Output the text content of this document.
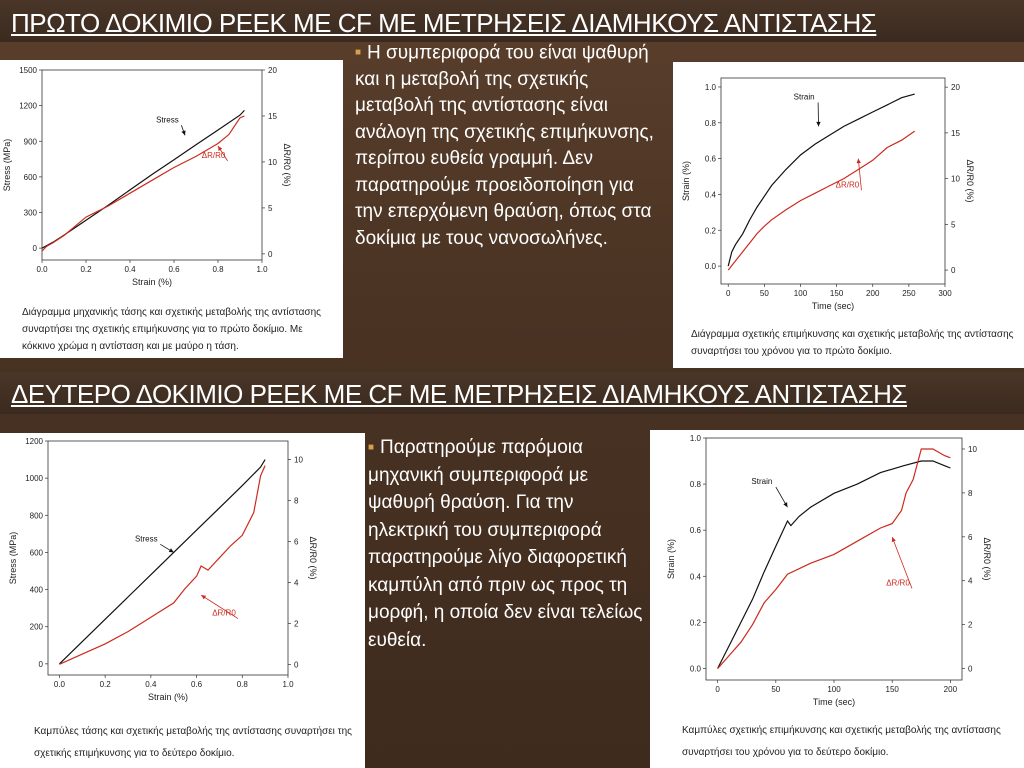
ΠΡΩΤΟ ΔΟΚΙΜΙΟ PEEK ΜΕ CF ΜΕ ΜΕΤΡΗΣΕΙΣ ΔΙΑΜΗΚΟΥΣ ΑΝΤΙΣΤΑΣΗΣ
0.0	0.2	0.4	0.6	0.8	1.0
0
300
600
900
1200
1500
0
5
10
15
20
Strain (%)
Stress (MPa)	ΔR/R0 (%)
Stress
ΔR/R0
Διάγραμμα μηχανικής τάσης και σχετικής μεταβολής της αντίστασης συναρτήσει της σχετικής επιμήκυνσης για το πρώτο δοκίμιο. Με κόκκινο χρώμα η αντίσταση και με μαύρο η τάση.
■ Η συμπεριφορά του είναι ψαθυρή και η μεταβολή της σχετικής μεταβολή της αντίστασης είναι ανάλογη της σχετικής επιμήκυνσης, περίπου ευθεία γραμμή. Δεν παρατηρούμε προειδοποίηση για την επερχόμενη θραύση, όπως στα δοκίμια με τους νανοσωλήνες.
0	50	100	150	200	250	300
0.0
0.2
0.4
0.6
0.8
1.0
0
5
10
15
20
Time (sec)
Strain (%)	ΔR/R0 (%)
Strain
ΔR/R0
Διάγραμμα σχετικής επιμήκυνσης και σχετικής μεταβολής της αντίστασης συναρτήσει του χρόνου για το πρώτο δοκίμιο.
ΔΕΥΤΕΡΟ ΔΟΚΙΜΙΟ PEEK ΜΕ CF ΜΕ ΜΕΤΡΗΣΕΙΣ ΔΙΑΜΗΚΟΥΣ ΑΝΤΙΣΤΑΣΗΣ
0.0	0.2	0.4	0.6	0.8	1.0
0
200
400
600
800
1000
1200
0
2
4
6
8
10
Strain (%)
Stress (MPa)	ΔR/R0 (%)
Stress
ΔR/R0
Καμπύλες τάσης και σχετικής μεταβολής της αντίστασης συναρτήσει της σχετικής επιμήκυνσης για το δεύτερο δοκίμιο.
■ Παρατηρούμε παρόμοια μηχανική συμπεριφορά με ψαθυρή θραύση. Για την ηλεκτρική του συμπεριφορά παρατηρούμε λίγο διαφορετική καμπύλη από πριν ως προς τη μορφή, η οποία δεν είναι τελείως ευθεία.
0	50	100	150	200
0.0
0.2
0.4
0.6
0.8
1.0
0
2
4
6
8
10
Time (sec)
Strain (%)	ΔR/R0 (%)
Strain
ΔR/R0
Καμπύλες σχετικής επιμήκυνσης και σχετικής μεταβολής της αντίστασης συναρτήσει του χρόνου για το δεύτερο δοκίμιο.
